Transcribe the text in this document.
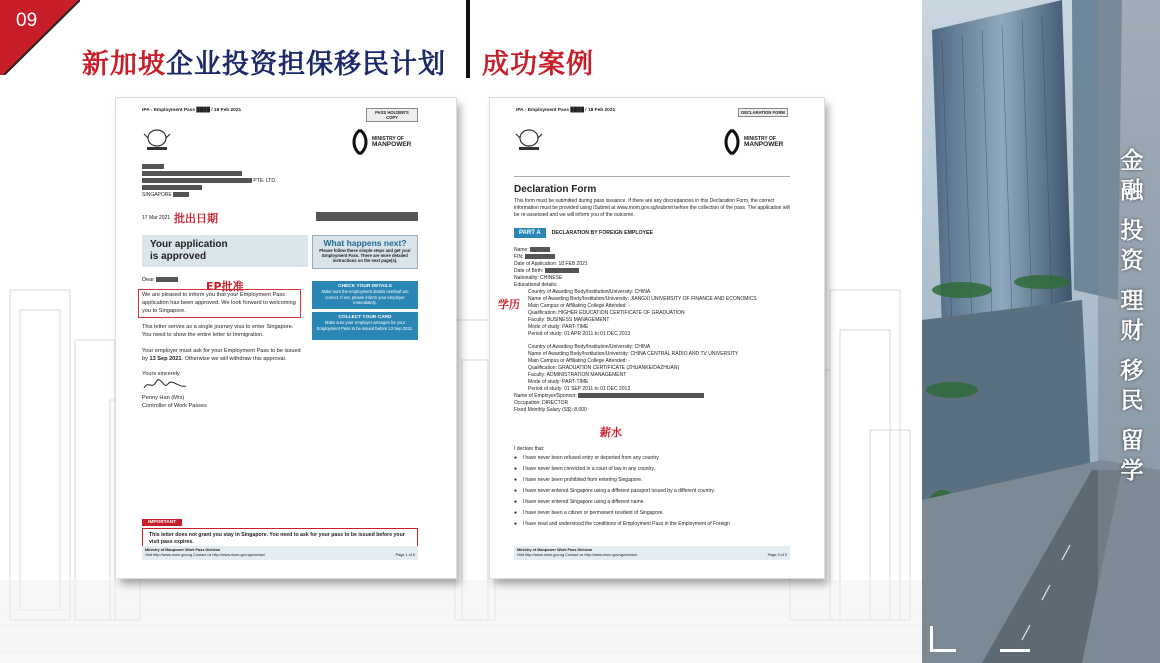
09
新加坡企业投资担保移民计划 成功案例
IPA - Employment Pass ████ / 18 Feb 2021	PASS HOLDER'S COPY
MINISTRY OF
MANPOWER
PTE. LTD.
SINGAPORE
17 Mar 2021
Your application
is approved
What happens next?
Please follow these simple steps and get your Employment Pass. There are more detailed instructions on the next page(s).
Dear
We are pleased to inform you that your Employment Pass application has been approved. We look forward to welcoming you to Singapore.
This letter serves as a single journey visa to enter Singapore. You need to show the entire letter to Immigration.
Your employer must ask for your Employment Pass to be issued by 13 Sep 2021. Otherwise we will withdraw this approval.
Yours sincerely
Penny Han (Mrs)
Controller of Work Passes
CHECK YOUR DETAILS
Make sure the employment details overleaf are correct. If not, please inform your employer immediately.
COLLECT YOUR CARD
Make sure your employer arranges for your Employment Pass to be issued before 13 Sep 2021.
IMPORTANT
This letter does not grant you stay in Singapore. You need to ask for your pass to be issued before your visit pass expires.
Ministry of Manpower Work Pass Division
Visit http://www.mom.gov.sg Contact us http://www.mom.gov.sg/contact	Page 1 of 5
批出日期
EP批准
IPA - Employment Pass ████ / 18 Feb 2021	DECLARATION FORM
MINISTRY OF
MANPOWER
Declaration Form
This form must be submitted during pass issuance. If there are any discrepancies in this Declaration Form, the correct information must be provided using iSubmit at www.mom.gov.sg/isubmit before the collection of the pass. The application will be re-assessed and we will inform you of the outcome.
PART A	DECLARATION BY FOREIGN EMPLOYEE
Name:
FIN:
Date of Application: 18 FEB 2021
Date of Birth:
Nationality: CHINESE
Educational details:
Country of Awarding Body/Institution/University: CHINA
Name of Awarding Body/Institution/University: JIANGXI UNIVERSITY OF FINANCE AND ECONOMICS
Main Campus or Affiliating College Attended: -
Qualification: HIGHER EDUCATION CERTIFICATE OF GRADUATION
Faculty: BUSINESS MANAGEMENT
Mode of study: PART-TIME
Period of study: 01 APR 2011 to 01 DEC 2013
Country of Awarding Body/Institution/University: CHINA
Name of Awarding Body/Institution/University: CHINA CENTRAL RADIO AND TV UNIVERSITY
Main Campus or Affiliating College Attended: -
Qualification: GRADUATION CERTIFICATE (ZHUANKE/DAZHUAN)
Faculty: ADMINISTRATION MANAGEMENT
Mode of study: PART-TIME
Period of study: 01 SEP 2011 to 01 DEC 2013
Name of Employer/Sponsor:
Occupation: DIRECTOR
Fixed Monthly Salary (S$): 8,000
I declare that:
●    I have never been refused entry or deported from any country.
●    I have never been convicted in a court of law in any country.
●    I have never been prohibited from entering Singapore.
●    I have never entered Singapore using a different passport issued by a different country.
●    I have never entered Singapore using a different name.
●    I have never been a citizen or permanent resident of Singapore.
●    I have read and understood the conditions of Employment Pass in the Employment of Foreign
Ministry of Manpower Work Pass Division
Visit http://www.mom.gov.sg Contact us http://www.mom.gov.sg/contact	Page 3 of 5
学历
薪水
金
融
投
资
理
财
移
民
留
学
